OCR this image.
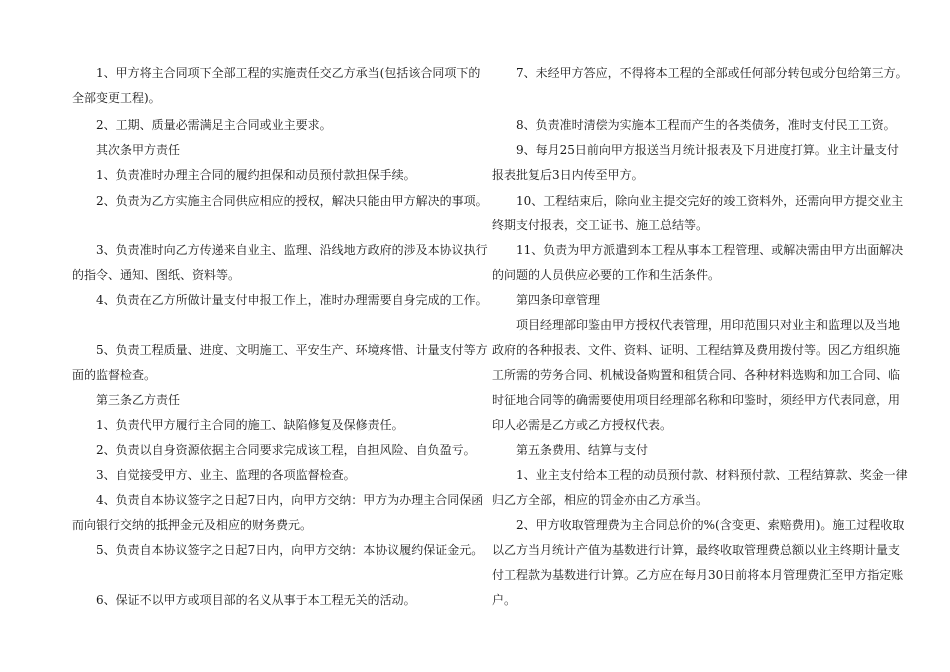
1、甲方将主合同项下全部工程的实施责任交乙方承当(包括该合同项下的
全部变更工程)。
2、工期、质量必需满足主合同或业主要求。
其次条甲方责任
1、负责准时办理主合同的履约担保和动员预付款担保手续。
2、负责为乙方实施主合同供应相应的授权，解决只能由甲方解决的事项。
3、负责准时向乙方传递来自业主、监理、沿线地方政府的涉及本协议执行
的指令、通知、图纸、资料等。
4、负责在乙方所做计量支付申报工作上，准时办理需要自身完成的工作。
5、负责工程质量、进度、文明施工、平安生产、环境疼惜、计量支付等方
面的监督检查。
第三条乙方责任
1、负责代甲方履行主合同的施工、缺陷修复及保修责任。
2、负责以自身资源依据主合同要求完成该工程，自担风险、自负盈亏。
3、自觉接受甲方、业主、监理的各项监督检查。
4、负责自本协议签字之日起7日内，向甲方交纳：甲方为办理主合同保函
而向银行交纳的抵押金元及相应的财务费元。
5、负责自本协议签字之日起7日内，向甲方交纳：本协议履约保证金元。
6、保证不以甲方或项目部的名义从事于本工程无关的活动。
7、未经甲方答应，不得将本工程的全部或任何部分转包或分包给第三方。
8、负责准时清偿为实施本工程而产生的各类债务，准时支付民工工资。
9、每月25日前向甲方报送当月统计报表及下月进度打算。业主计量支付
报表批复后3日内传至甲方。
10、工程结束后，除向业主提交完好的竣工资料外，还需向甲方提交业主
终期支付报表，交工证书、施工总结等。
11、负责为甲方派遣到本工程从事本工程管理、或解决需由甲方出面解决
的问题的人员供应必要的工作和生活条件。
第四条印章管理
项目经理部印鉴由甲方授权代表管理，用印范围只对业主和监理以及当地
政府的各种报表、文件、资料、证明、工程结算及费用拨付等。因乙方组织施
工所需的劳务合同、机械设备购置和租赁合同、各种材料选购和加工合同、临
时征地合同等的确需要使用项目经理部名称和印鉴时，须经甲方代表同意，用
印人必需是乙方或乙方授权代表。
第五条费用、结算与支付
1、业主支付给本工程的动员预付款、材料预付款、工程结算款、奖金一律
归乙方全部，相应的罚金亦由乙方承当。
2、甲方收取管理费为主合同总价的%(含变更、索赔费用)。施工过程收取
以乙方当月统计产值为基数进行计算，最终收取管理费总额以业主终期计量支
付工程款为基数进行计算。乙方应在每月30日前将本月管理费汇至甲方指定账
户。
